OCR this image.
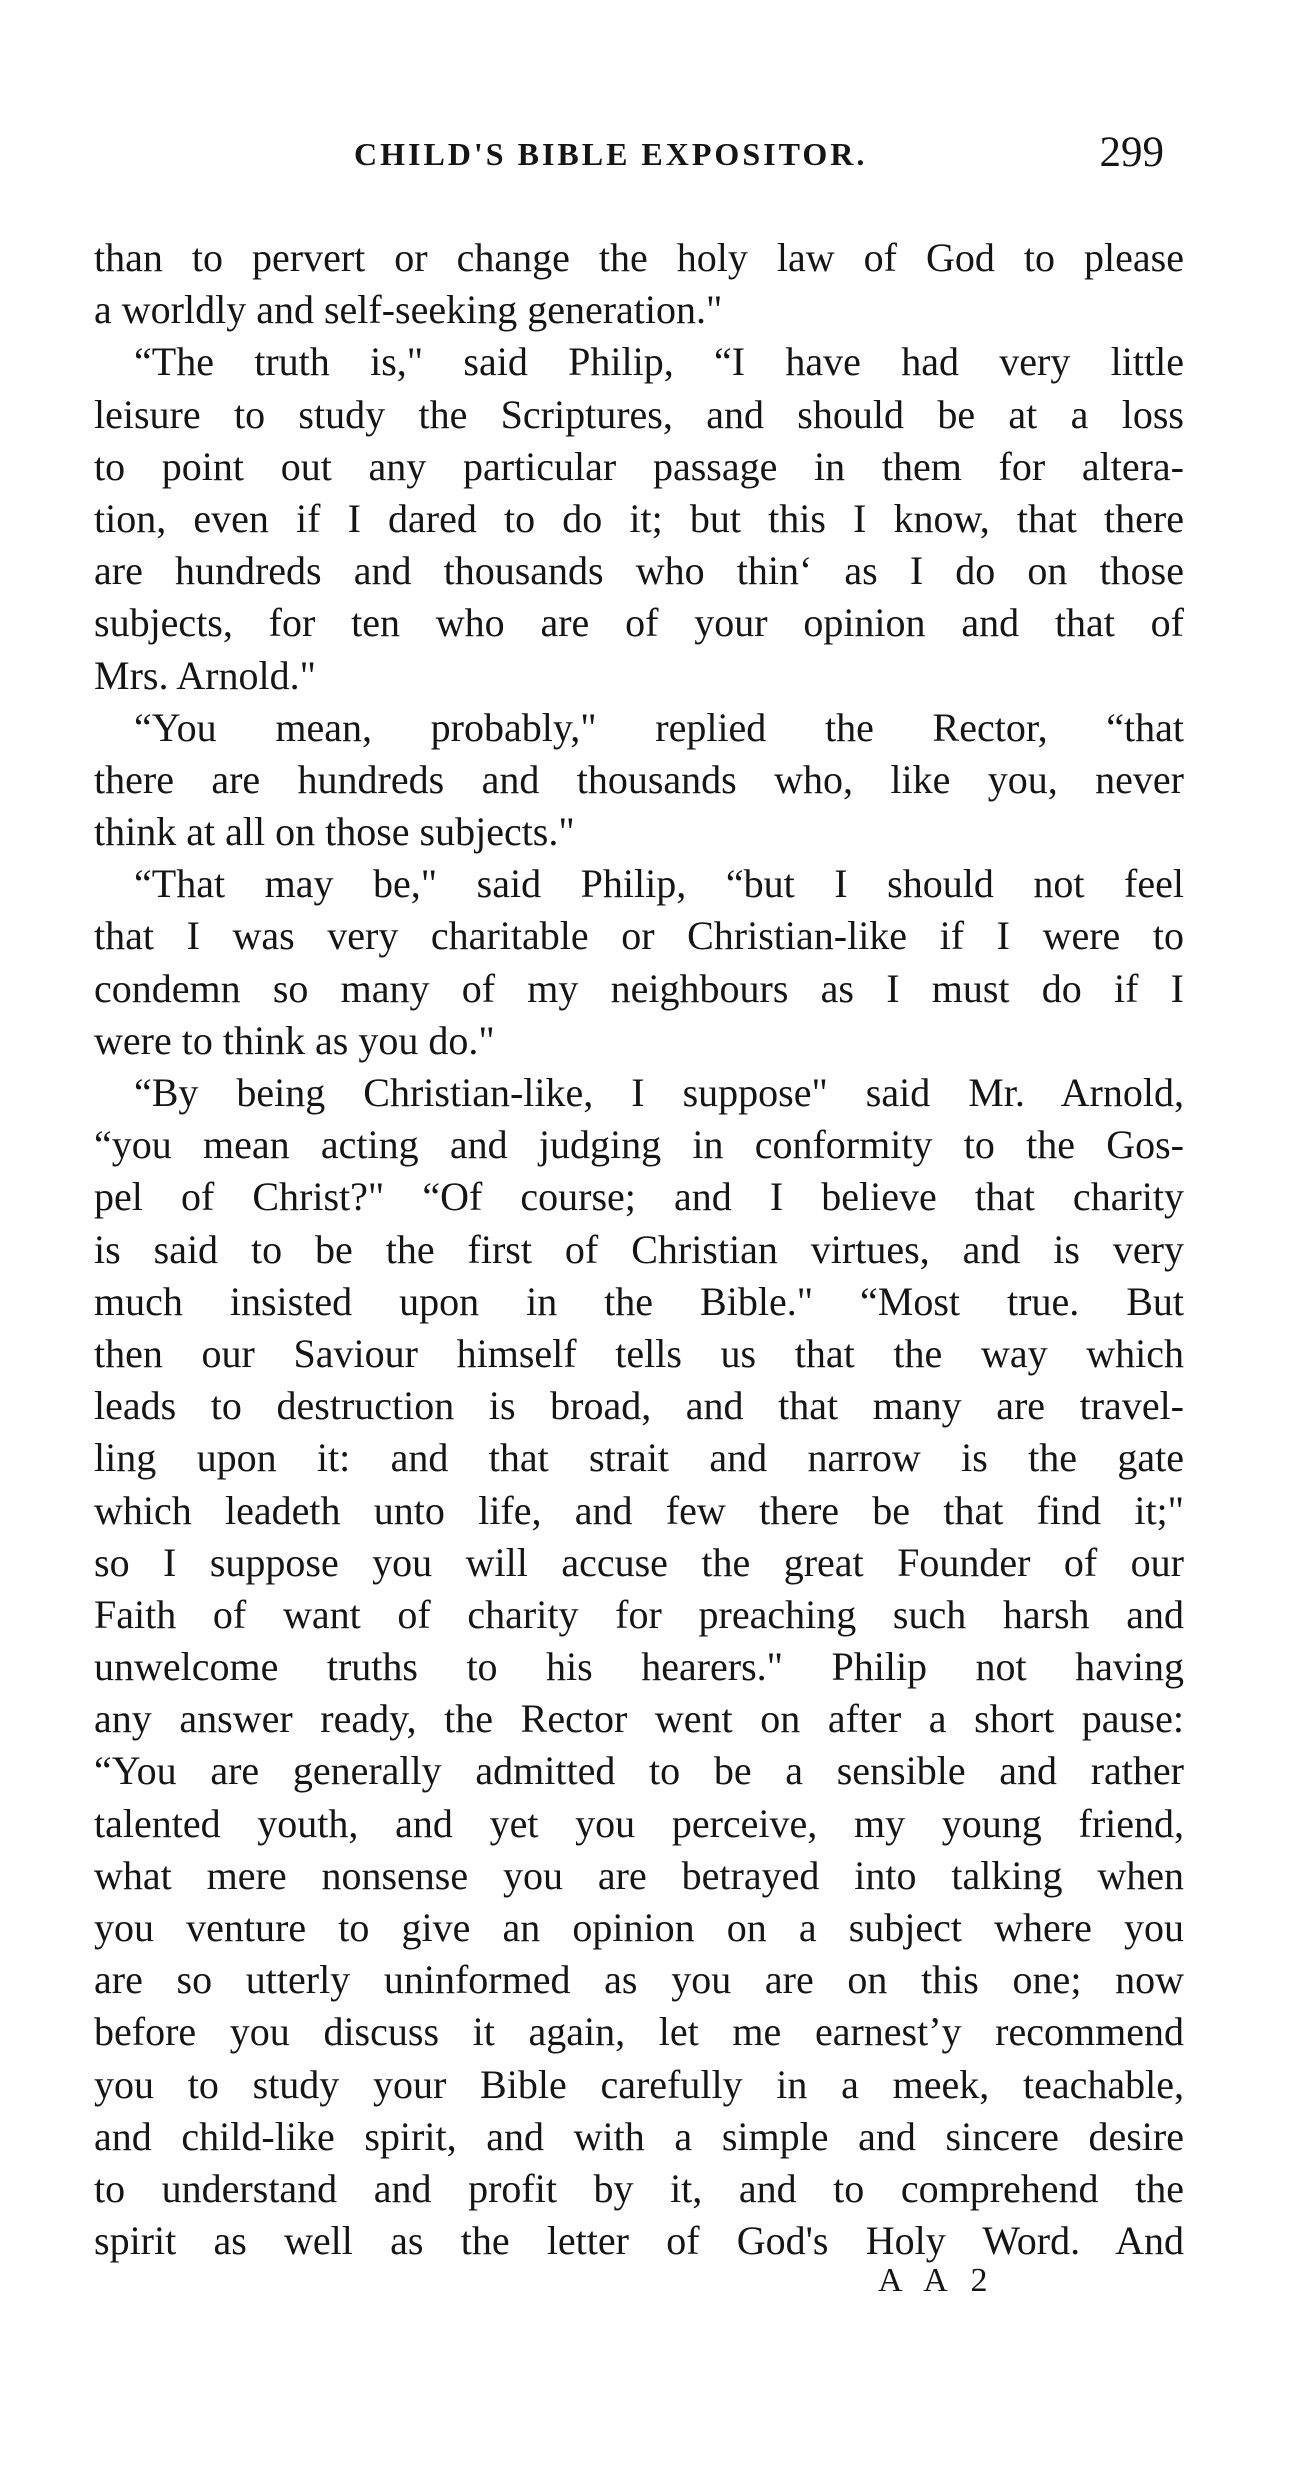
CHILD'S BIBLE EXPOSITOR.	299
than to pervert or change the holy law of God to please
a worldly and self-seeking generation."
“The truth is," said Philip, “I have had very little
leisure to study the Scriptures, and should be at a loss
to point out any particular passage in them for altera-
tion, even if I dared to do it; but this I know, that there
are hundreds and thousands who thinʻ as I do on those
subjects, for ten who are of your opinion and that of
Mrs. Arnold."
“You mean, probably," replied the Rector, “that
there are hundreds and thousands who, like you, never
think at all on those subjects."
“That may be," said Philip, “but I should not feel
that I was very charitable or Christian-like if I were to
condemn so many of my neighbours as I must do if I
were to think as you do."
“By being Christian-like, I suppose" said Mr. Arnold,
“you mean acting and judging in conformity to the Gos-
pel of Christ?" “Of course; and I believe that charity
is said to be the first of Christian virtues, and is very
much insisted upon in the Bible." “Most true. But
then our Saviour himself tells us that the way which
leads to destruction is broad, and that many are travel-
ling upon it: and that strait and narrow is the gate
which leadeth unto life, and few there be that find it;"
so I suppose you will accuse the great Founder of our
Faith of want of charity for preaching such harsh and
unwelcome truths to his hearers." Philip not having
any answer ready, the Rector went on after a short pause:
“You are generally admitted to be a sensible and rather
talented youth, and yet you perceive, my young friend,
what mere nonsense you are betrayed into talking when
you venture to give an opinion on a subject where you
are so utterly uninformed as you are on this one; now
before you discuss it again, let me earnestʼy recommend
you to study your Bible carefully in a meek, teachable,
and child-like spirit, and with a simple and sincere desire
to understand and profit by it, and to comprehend the
spirit as well as the letter of God's Holy Word. And
A A 2
